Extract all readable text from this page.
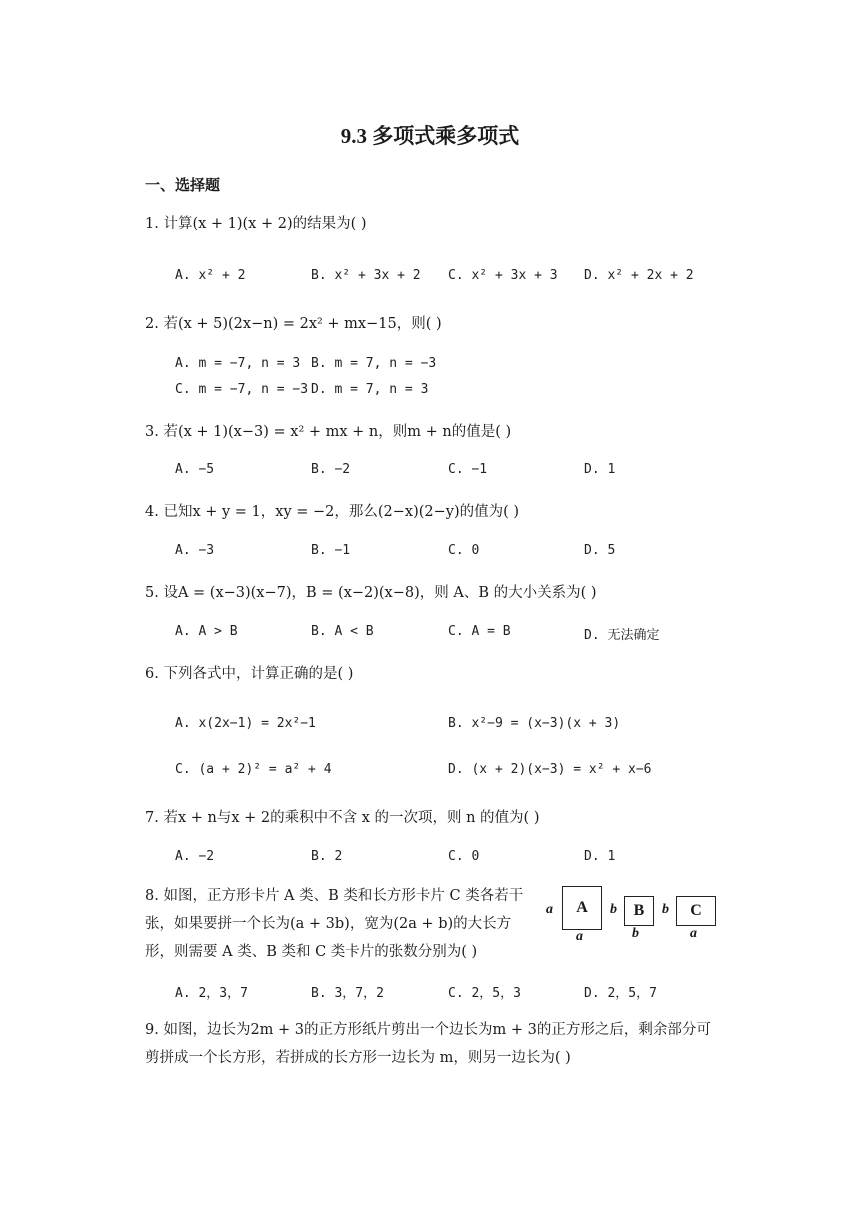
9.3 多项式乘多项式
一、选择题
1. 计算(x + 1)(x + 2)的结果为( )
A. x² + 2	B. x² + 3x + 2 C. x² + 3x + 3 D. x² + 2x + 2
2. 若(x + 5)(2x−n) = 2x² + mx−15，则( )
A. m = −7, n = 3 B. m = 7, n = −3
C. m = −7, n = −3 D. m = 7, n = 3
3. 若(x + 1)(x−3) = x² + mx + n，则m + n的值是( )
A. −5	B. −2	C. −1	D. 1
4. 已知x + y = 1，xy = −2，那么(2−x)(2−y)的值为( )
A. −3	B. −1	C. 0	D. 5
5. 设A = (x−3)(x−7)，B = (x−2)(x−8)，则 A、B 的大小关系为( )
A. A > B	B. A < B	C. A = B	D. 无法确定
6. 下列各式中，计算正确的是( )
A. x(2x−1) = 2x²−1	B. x²−9 = (x−3)(x + 3)
C. (a + 2)² = a² + 4	D. (x + 2)(x−3) = x² + x−6
7. 若x + n与x + 2的乘积中不含 x 的一次项，则 n 的值为( )
A. −2	B. 2	C. 0	D. 1
8. 如图，正方形卡片 A 类、B 类和长方形卡片 C 类各若干张，如果要拼一个长为(a + 3b)，宽为(2a + b)的大长方形，则需要 A 类、B 类和 C 类卡片的张数分别为( )
a A
a
b B
b
b C
a
A. 2，3，7	B. 3，7，2	C. 2，5，3	D. 2，5，7
9. 如图，边长为2m + 3的正方形纸片剪出一个边长为m + 3的正方形之后，剩余部分可
剪拼成一个长方形，若拼成的长方形一边长为 m，则另一边长为( )
